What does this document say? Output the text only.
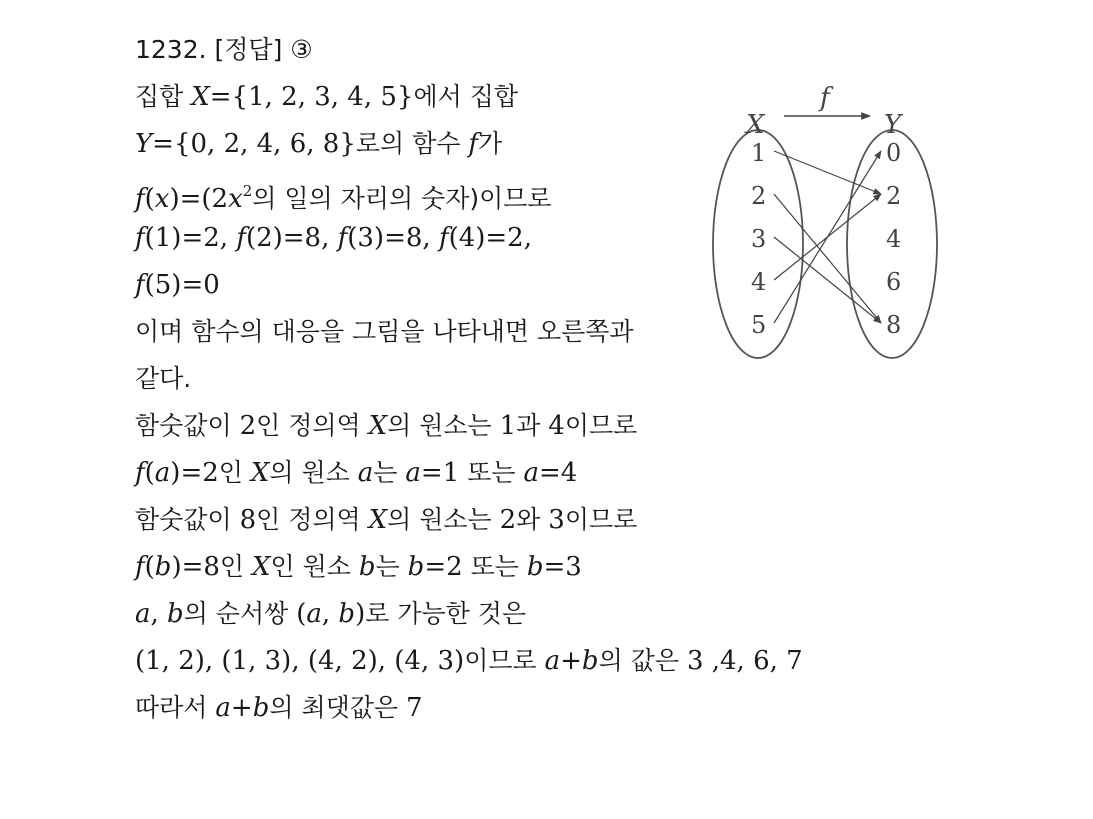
1232. [정답] ③
집합 X={1, 2, 3, 4, 5}에서 집합
Y={0, 2, 4, 6, 8}로의 함수 f가
$f(x)=(2x^2$의 일의 자리의 숫자)이므로
f(1)=2, f(2)=8, f(3)=8, f(4)=2,
f(5)=0
이며 함수의 대응을 그림을 나타내면 오른쪽과
같다.
함숫값이 2인 정의역 X의 원소는 1과 4이므로
f(a)=2인 X의 원소 a는 a=1 또는 a=4
함숫값이 8인 정의역 X의 원소는 2와 3이므로
f(b)=8인 X인 원소 b는 b=2 또는 b=3
a, b의 순서쌍 (a, b)로 가능한 것은
(1, 2), (1, 3), (4, 2), (4, 3)이므로 a+b의 값은 3 ,4, 6, 7
따라서 a+b의 최댓값은 7
f
X	Y
1
2
3
4
5
0
2
4
6
8
